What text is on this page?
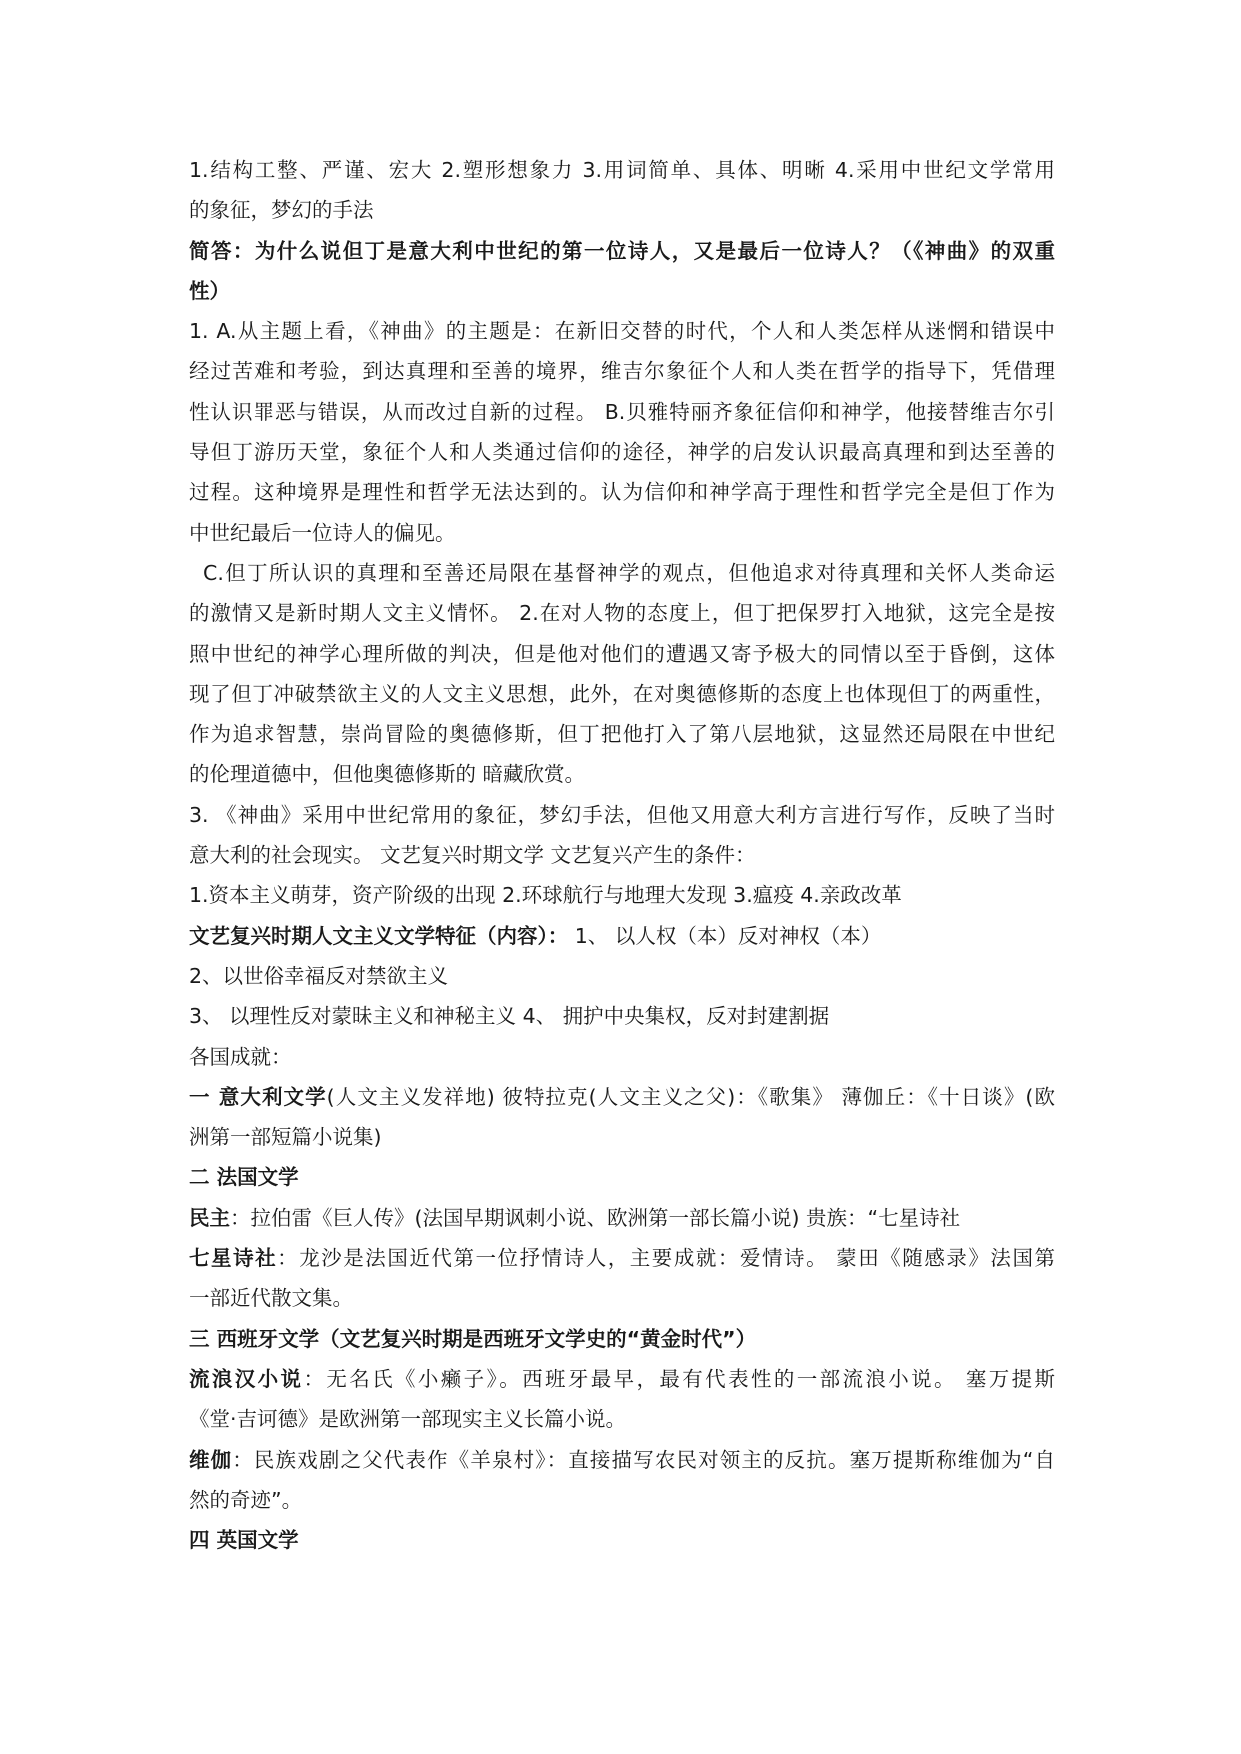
1.结构工整、严谨、宏大 2.塑形想象力 3.用词简单、具体、明晰 4.采用中世纪文学常用
的象征，梦幻的手法
简答：为什么说但丁是意大利中世纪的第一位诗人，又是最后一位诗人？（《神曲》的双重
性）
1. A.从主题上看，《神曲》的主题是：在新旧交替的时代，个人和人类怎样从迷惘和错误中
经过苦难和考验，到达真理和至善的境界，维吉尔象征个人和人类在哲学的指导下，凭借理
性认识罪恶与错误，从而改过自新的过程。 B.贝雅特丽齐象征信仰和神学，他接替维吉尔引
导但丁游历天堂，象征个人和人类通过信仰的途径，神学的启发认识最高真理和到达至善的
过程。这种境界是理性和哲学无法达到的。认为信仰和神学高于理性和哲学完全是但丁作为
中世纪最后一位诗人的偏见。
C.但丁所认识的真理和至善还局限在基督神学的观点，但他追求对待真理和关怀人类命运
的激情又是新时期人文主义情怀。 2.在对人物的态度上，但丁把保罗打入地狱，这完全是按
照中世纪的神学心理所做的判决，但是他对他们的遭遇又寄予极大的同情以至于昏倒，这体
现了但丁冲破禁欲主义的人文主义思想，此外，在对奥德修斯的态度上也体现但丁的两重性，
作为追求智慧，崇尚冒险的奥德修斯，但丁把他打入了第八层地狱，这显然还局限在中世纪
的伦理道德中，但他奥德修斯的 暗藏欣赏。
3. 《神曲》采用中世纪常用的象征，梦幻手法，但他又用意大利方言进行写作，反映了当时
意大利的社会现实。 文艺复兴时期文学 文艺复兴产生的条件：
1.资本主义萌芽，资产阶级的出现 2.环球航行与地理大发现 3.瘟疫 4.亲政改革
文艺复兴时期人文主义文学特征（内容）： 1、 以人权（本）反对神权（本）
2、以世俗幸福反对禁欲主义
3、 以理性反对蒙昧主义和神秘主义 4、 拥护中央集权，反对封建割据
各国成就：
一 意大利文学(人文主义发祥地) 彼特拉克(人文主义之父)：《歌集》 薄伽丘：《十日谈》(欧
洲第一部短篇小说集)
二 法国文学
民主：拉伯雷《巨人传》(法国早期讽刺小说、欧洲第一部长篇小说) 贵族：“七星诗社
七星诗社：龙沙是法国近代第一位抒情诗人，主要成就：爱情诗。 蒙田《随感录》法国第
一部近代散文集。
三 西班牙文学（文艺复兴时期是西班牙文学史的“黄金时代”）
流浪汉小说：无名氏《小癞子》。西班牙最早，最有代表性的一部流浪小说。 塞万提斯
《堂·吉诃德》是欧洲第一部现实主义长篇小说。
维伽：民族戏剧之父代表作《羊泉村》：直接描写农民对领主的反抗。塞万提斯称维伽为“自
然的奇迹”。
四 英国文学
